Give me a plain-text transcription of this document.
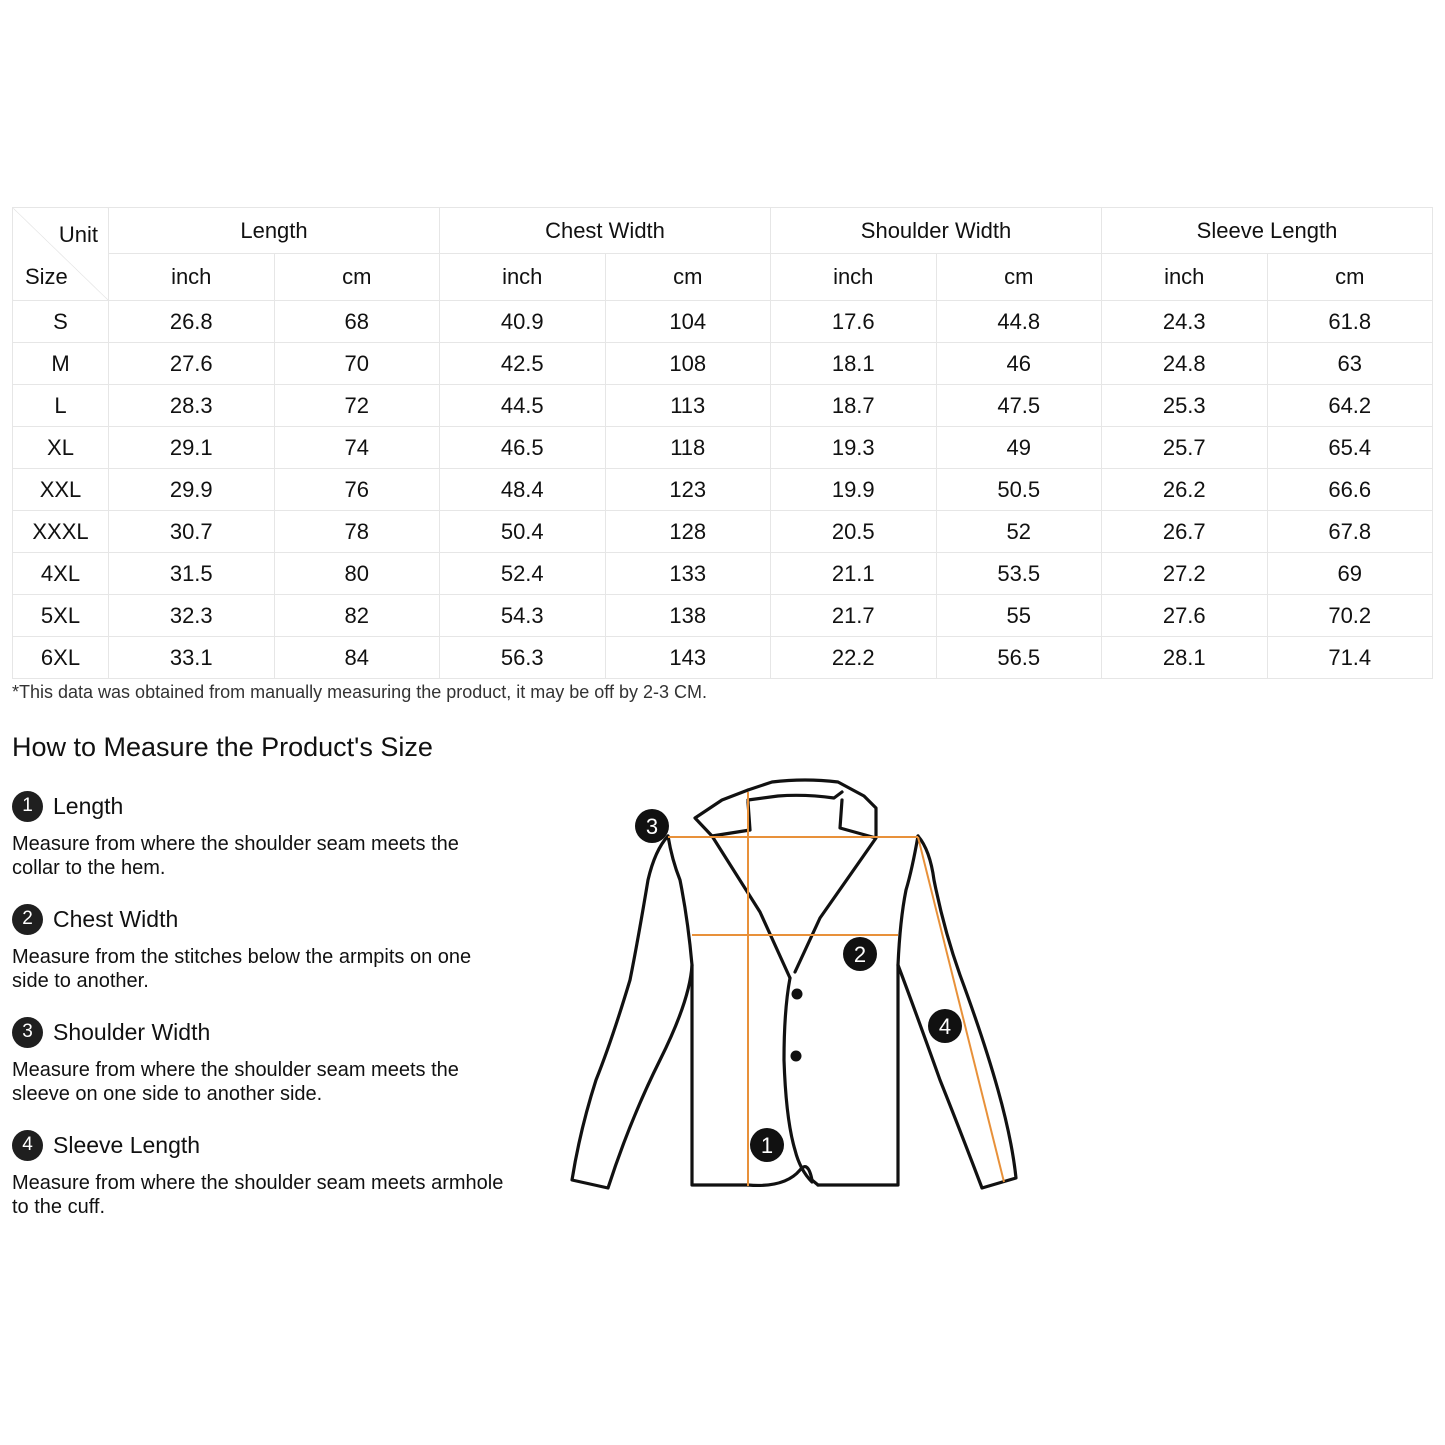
Unit
Size	Length		Chest Width		Shoulder Width		Sleeve Length	
	inch	cm	inch	cm	inch	cm	inch	cm
S	26.8	68	40.9	104	17.6	44.8	24.3	61.8
M	27.6	70	42.5	108	18.1	46	24.8	63
L	28.3	72	44.5	113	18.7	47.5	25.3	64.2
XL	29.1	74	46.5	118	19.3	49	25.7	65.4
XXL	29.9	76	48.4	123	19.9	50.5	26.2	66.6
XXXL	30.7	78	50.4	128	20.5	52	26.7	67.8
4XL	31.5	80	52.4	133	21.1	53.5	27.2	69
5XL	32.3	82	54.3	138	21.7	55	27.6	70.2
6XL	33.1	84	56.3	143	22.2	56.5	28.1	71.4
*This data was obtained from manually measuring the product, it may be off by 2-3 CM.
How to Measure the Product's Size
1 Length
Measure from where the shoulder seam meets the collar to the hem.
2 Chest Width
Measure from the stitches below the armpits on one side to another.
3 Shoulder Width
Measure from where the shoulder seam meets the sleeve on one side to another side.
4 Sleeve Length
Measure from where the shoulder seam meets armhole to the cuff.
1
2
3
4
